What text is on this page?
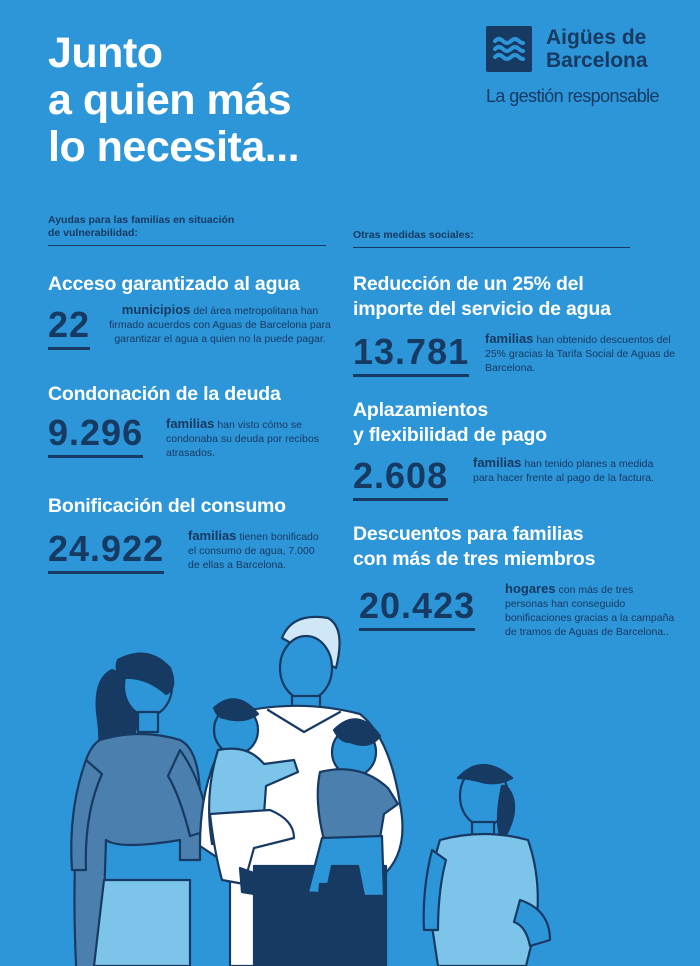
Junto
a quien más
lo necesita...
Aigües de
Barcelona
La gestión responsable
Ayudas para las familias en situación
de vulnerabilidad:	Otras medidas sociales:
Acceso garantizado al agua
22	municipios del área metropolitana han firmado acuerdos con Aguas de Barcelona para garantizar el agua a quien no la puede pagar.
Condonación de la deuda
9.296 familias han visto cómo se condonaba su deuda por recibos atrasados.
Bonificación del consumo
24.922 familias tienen bonificado el consumo de agua, 7.000 de ellas a Barcelona.
Reducción de un 25% del
importe del servicio de agua
13.781 familias han obtenido descuentos del 25% gracias la Tarifa Social de Aguas de Barcelona.
Aplazamientos
y flexibilidad de pago
2.608 familias han tenido planes a medida para hacer frente al pago de la factura.
Descuentos para familias
con más de tres miembros
20.423 hogares con más de tres personas han conseguido bonificaciones gracias a la campaña de tramos de Aguas de Barcelona..
